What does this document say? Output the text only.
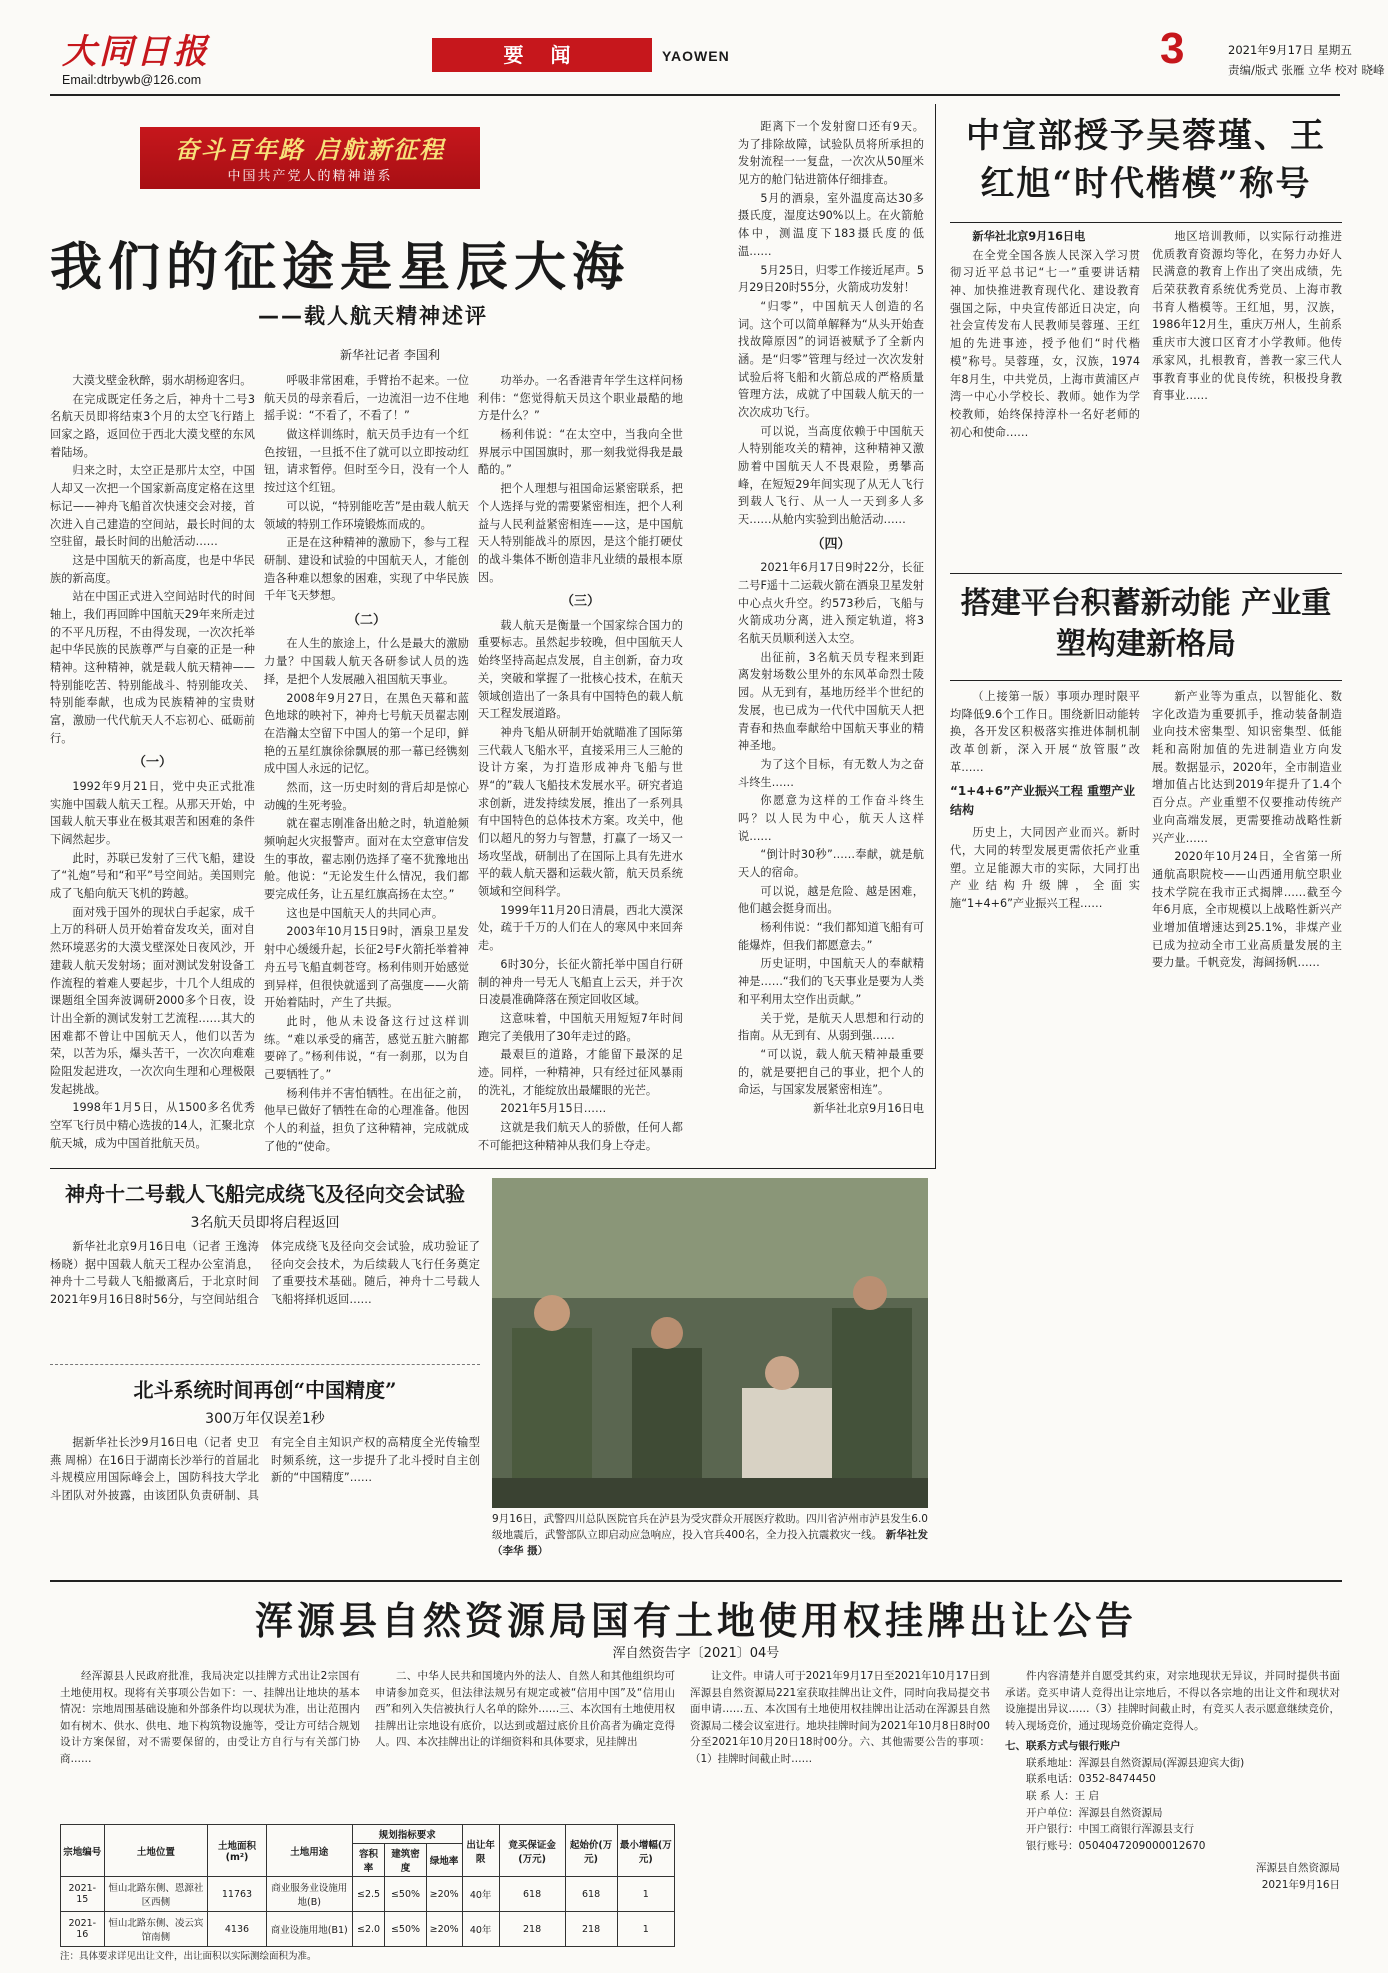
大同日报
Email:dtrbywb@126.com
要 闻	YAOWEN	3	2021年9月17日 星期五
责编/版式 张雁 立华 校对 晓峰
奋斗百年路 启航新征程
中国共产党人的精神谱系
我们的征途是星辰大海
——载人航天精神述评
新华社记者 李国利

大漠戈壁金秋醉，弱水胡杨迎客归。

在完成既定任务之后，神舟十二号3名航天员即将结束3个月的太空飞行踏上回家之路，返回位于西北大漠戈壁的东风着陆场。

归来之时，太空正是那片太空，中国人却又一次把一个国家新高度定格在这里标记——神舟飞船首次快速交会对接，首次进入自己建造的空间站，最长时间的太空驻留，最长时间的出舱活动……

这是中国航天的新高度，也是中华民族的新高度。

站在中国正式进入空间站时代的时间轴上，我们再回眸中国航天29年来所走过的不平凡历程，不由得发现，一次次托举起中华民族的民族尊严与自豪的正是一种精神。这种精神，就是载人航天精神——特别能吃苦、特别能战斗、特别能攻关、特别能奉献，也成为民族精神的宝贵财富，激励一代代航天人不忘初心、砥砺前行。

（一）

1992年9月21日，党中央正式批准实施中国载人航天工程。从那天开始，中国载人航天事业在极其艰苦和困难的条件下阔然起步。

此时，苏联已发射了三代飞船，建设了“礼炮”号和“和平”号空间站。美国则完成了飞船向航天飞机的跨越。

面对残于国外的现状白手起家，成千上万的科研人员开始着奋发攻关，面对自然环境恶劣的大漠戈壁深处日夜风沙，开建载人航天发射场；面对测试发射设备工作流程的着难人要起步，十几个人组成的课题组全国奔波调研2000多个日夜，设计出全新的测试发射工艺流程……其大的困难都不曾让中国航天人，他们以苦为荣，以苦为乐，爆头苦干，一次次向难难险阻发起进攻，一次次向生理和心理极限发起挑战。

1998年1月5日，从1500多名优秀空军飞行员中精心选拔的14人，汇聚北京航天城，成为中国首批航天员。

呼吸非常困难，手臂抬不起来。一位航天员的母亲看后，一边流泪一边不住地摇手说：“不看了，不看了！”

做这样训练时，航天员手边有一个红色按钮，一旦抵不住了就可以立即按动红钮，请求暂停。但时至今日，没有一个人按过这个红钮。

可以说，“特别能吃苦”是由载人航天领域的特别工作环境锻炼而成的。

正是在这种精神的激励下，参与工程研制、建设和试验的中国航天人，才能创造各种难以想象的困难，实现了中华民族千年飞天梦想。

（二）

在人生的旅途上，什么是最大的激励力量？中国载人航天各研参试人员的选择，是把个人发展融入祖国航天事业。

2008年9月27日，在黑色天幕和蓝色地球的映衬下，神舟七号航天员翟志刚在浩瀚太空留下中国人的第一个足印，鲜艳的五星红旗徐徐飘展的那一幕已经镌刻成中国人永远的记忆。

然而，这一历史时刻的背后却是惊心动魄的生死考验。

就在翟志刚准备出舱之时，轨道舱频频响起火灾报警声。面对在太空意审信发生的事故，翟志刚仍选择了毫不犹豫地出舱。他说：“无论发生什么情况，我们都要完成任务，让五星红旗高扬在太空。”

这也是中国航天人的共同心声。

2003年10月15日9时，酒泉卫星发射中心缓缓升起，长征2号F火箭托举着神舟五号飞船直刺苍穹。杨利伟则开始感觉到异样，但很快就遥到了高强度——火箭开始着陆时，产生了共振。

此时，他从未设备这行过这样训练。“难以承受的痛苦，感觉五脏六腑都要碎了。”杨利伟说，“有一刹那，以为自己要牺牲了。”

杨利伟并不害怕牺牲。在出征之前，他早已做好了牺牲在命的心理准备。他因个人的利益，担负了这种精神，完成就成了他的“使命。

功举办。一名香港青年学生这样问杨利伟：“您觉得航天员这个职业最酷的地方是什么？”

杨利伟说：“在太空中，当我向全世界展示中国国旗时，那一刻我觉得我是最酷的。”

把个人理想与祖国命运紧密联系，把个人选择与党的需要紧密相连，把个人利益与人民利益紧密相连——这，是中国航天人特别能战斗的原因，是这个能打硬仗的战斗集体不断创造非凡业绩的最根本原因。

（三）

载人航天是衡量一个国家综合国力的重要标志。虽然起步较晚，但中国航天人始终坚持高起点发展，自主创新，奋力攻关，突破和掌握了一批核心技术，在航天领域创造出了一条具有中国特色的载人航天工程发展道路。

神舟飞船从研制开始就瞄准了国际第三代载人飞船水平，直接采用三人三舱的设计方案，为打造形成神舟飞船与世界“的”载人飞船技术发展水平。研究者追求创新，进发持续发展，推出了一系列具有中国特色的总体技术方案。攻关中，他们以超凡的努力与智慧，打赢了一场又一场攻坚战，研制出了在国际上具有先进水平的载人航天器和运载火箭，航天员系统领域和空间科学。

1999年11月20日清晨，西北大漠深处，疏于千万的人们在人的寒风中来回奔走。

6时30分，长征火箭托举中国自行研制的神舟一号无人飞船直上云天，并于次日凌晨准确降落在预定回收区域。

这意味着，中国航天用短短7年时间跑完了美俄用了30年走过的路。

最艰巨的道路，才能留下最深的足迹。同样，一种精神，只有经过征风暴雨的洗礼，才能绽放出最耀眼的光芒。

2021年5月15日……

这就是我们航天人的骄傲，任何人都不可能把这种精神从我们身上夺走。

距离下一个发射窗口还有9天。为了排除故障，试验队员将所承担的发射流程一一复盘，一次次从50厘米见方的舱门钻进箭体仔细排查。

5月的酒泉，室外温度高达30多摄氏度，湿度达90%以上。在火箭舱体中，测温度下183摄氏度的低温……

5月25日，归零工作接近尾声。5月29日20时55分，火箭成功发射！

“归零”，中国航天人创造的名词。这个可以简单解释为“从头开始查找故障原因”的词语被赋予了全新内涵。是“归零”管理与经过一次次发射试验后将飞船和火箭总成的严格质量管理方法，成就了中国载人航天的一次次成功飞行。

可以说，当高度依赖于中国航天人特别能攻关的精神，这种精神又激励着中国航天人不畏艰险，勇攀高峰，在短短29年间实现了从无人飞行到载人飞行、从一人一天到多人多天……从舱内实验到出舱活动……

（四）

2021年6月17日9时22分，长征二号F遥十二运载火箭在酒泉卫星发射中心点火升空。约573秒后，飞船与火箭成功分离，进入预定轨道，将3名航天员顺利送入太空。

出征前，3名航天员专程来到距离发射场数公里外的东风革命烈士陵园。从无到有，基地历经半个世纪的发展，也已成为一代代中国航天人把青春和热血奉献给中国航天事业的精神圣地。

为了这个目标，有无数人为之奋斗终生……

你愿意为这样的工作奋斗终生吗？以人民为中心，航天人这样说……

“倒计时30秒”……奉献，就是航天人的宿命。

可以说，越是危险、越是困难，他们越会挺身而出。

杨利伟说：“我们都知道飞船有可能爆炸，但我们都愿意去。”

历史证明，中国航天人的奉献精神是……“我们的飞天事业是要为人类和平利用太空作出贡献。”

关于党，是航天人思想和行动的指南。从无到有、从弱到强……

“可以说，载人航天精神最重要的，就是要把自己的事业，把个人的命运，与国家发展紧密相连”。

新华社北京9月16日电

中宣部授予吴蓉瑾、王红旭“时代楷模”称号

新华社北京9月16日电

在全党全国各族人民深入学习贯彻习近平总书记“七一”重要讲话精神、加快推进教育现代化、建设教育强国之际，中央宣传部近日决定，向社会宣传发布人民教师吴蓉瑾、王红旭的先进事迹，授予他们“时代楷模”称号。吴蓉瑾，女，汉族，1974年8月生，中共党员，上海市黄浦区卢湾一中心小学校长、教师。她作为学校教师，始终保持淳朴一名好老师的初心和使命……

地区培训教师，以实际行动推进优质教育资源均等化，在努力办好人民满意的教育上作出了突出成绩，先后荣获教育系统优秀党员、上海市教书育人楷模等。王红旭，男，汉族，1986年12月生，重庆万州人，生前系重庆市大渡口区育才小学教师。他传承家风，扎根教育，善教一家三代人事教育事业的优良传统，积极投身教育事业……

搭建平台积蓄新动能 产业重塑构建新格局

（上接第一版）事项办理时限平均降低9.6个工作日。围绕新旧动能转换，各开发区积极落实推进体制机制改革创新，深入开展“放管服”改革……

“1+4+6”产业振兴工程 重塑产业结构

历史上，大同因产业而兴。新时代，大同的转型发展更需依托产业重塑。立足能源大市的实际，大同打出产业结构升级牌，全面实施“1+4+6”产业振兴工程……

新产业等为重点，以智能化、数字化改造为重要抓手，推动装备制造业向技术密集型、知识密集型、低能耗和高附加值的先进制造业方向发展。数据显示，2020年，全市制造业增加值占比达到2019年提升了1.4个百分点。产业重塑不仅要推动传统产业向高端发展，更需要推动战略性新兴产业……

2020年10月24日，全省第一所通航高职院校——山西通用航空职业技术学院在我市正式揭牌……截至今年6月底，全市规模以上战略性新兴产业增加值增速达到25.1%，非煤产业已成为拉动全市工业高质量发展的主要力量。千帆竞发，海阔扬帆……

神舟十二号载人飞船完成绕飞及径向交会试验
3名航天员即将启程返回

新华社北京9月16日电（记者 王逸涛 杨晓）据中国载人航天工程办公室消息，神舟十二号载人飞船撤离后，于北京时间2021年9月16日8时56分，与空间站组合体完成绕飞及径向交会试验，成功验证了径向交会技术，为后续载人飞行任务奠定了重要技术基础。随后，神舟十二号载人飞船将择机返回……

北斗系统时间再创“中国精度”
300万年仅误差1秒

据新华社长沙9月16日电（记者 史卫燕 周棉）在16日于湖南长沙举行的首届北斗规模应用国际峰会上，国防科技大学北斗团队对外披露，由该团队负责研制、具有完全自主知识产权的高精度全光传输型时频系统，这一步提升了北斗授时自主创新的“中国精度”……

9月16日，武警四川总队医院官兵在泸县为受灾群众开展医疗救助。四川省泸州市泸县发生6.0级地震后，武警部队立即启动应急响应，投入官兵400名，全力投入抗震救灾一线。 新华社发（李华 摄）
浑源县自然资源局国有土地使用权挂牌出让公告
浑自然资告字〔2021〕04号

经浑源县人民政府批准，我局决定以挂牌方式出让2宗国有土地使用权。现将有关事项公告如下：一、挂牌出让地块的基本情况：宗地周围基础设施和外部条件均以现状为准，出让范围内如有树木、供水、供电、地下构筑物设施等，受让方可结合规划设计方案保留，对不需要保留的，由受让方自行与有关部门协商……

二、中华人民共和国境内外的法人、自然人和其他组织均可申请参加竞买，但法律法规另有规定或被“信用中国”及“信用山西”和列入失信被执行人名单的除外……三、本次国有土地使用权挂牌出让宗地设有底价，以达到或超过底价且价高者为确定竞得人。四、本次挂牌出让的详细资料和具体要求，见挂牌出

让文件。申请人可于2021年9月17日至2021年10月17日到浑源县自然资源局221室获取挂牌出让文件，同时向我局提交书面申请……五、本次国有土地使用权挂牌出让活动在浑源县自然资源局二楼会议室进行。地块挂牌时间为2021年10月8日8时00分至2021年10月20日18时00分。六、其他需要公告的事项：（1）挂牌时间截止时……

件内容清楚并自愿受其约束，对宗地现状无异议，并同时提供书面承诺。竞买申请人竞得出让宗地后，不得以各宗地的出让文件和现状对设施提出异议……（3）挂牌时间截止时，有竞买人表示愿意继续竞价，转入现场竞价，通过现场竞价确定竞得人。

七、联系方式与银行账户
联系地址：浑源县自然资源局(浑源县迎宾大街)
联系电话：0352-8474450
联 系 人：王 启
开户单位：浑源县自然资源局
开户银行：中国工商银行浑源县支行
银行账号：0504047209000012670
浑源县自然资源局
2021年9月16日
宗地编号	土地位置	土地面积(m²)	土地用途	规划指标要求			出让年限	竞买保证金(万元)	起始价(万元)	最小增幅(万元)
				容积率	建筑密度	绿地率				
2021-15	恒山北路东侧、恩源社区西侧	11763	商业服务业设施用地(B)	≤2.5	≤50%	≥20%	40年	618	618	1
2021-16	恒山北路东侧、凌云宾馆南侧	4136	商业设施用地(B1)	≤2.0	≤50%	≥20%	40年	218	218	1
注：具体要求详见出让文件，出让面积以实际测绘面积为准。
